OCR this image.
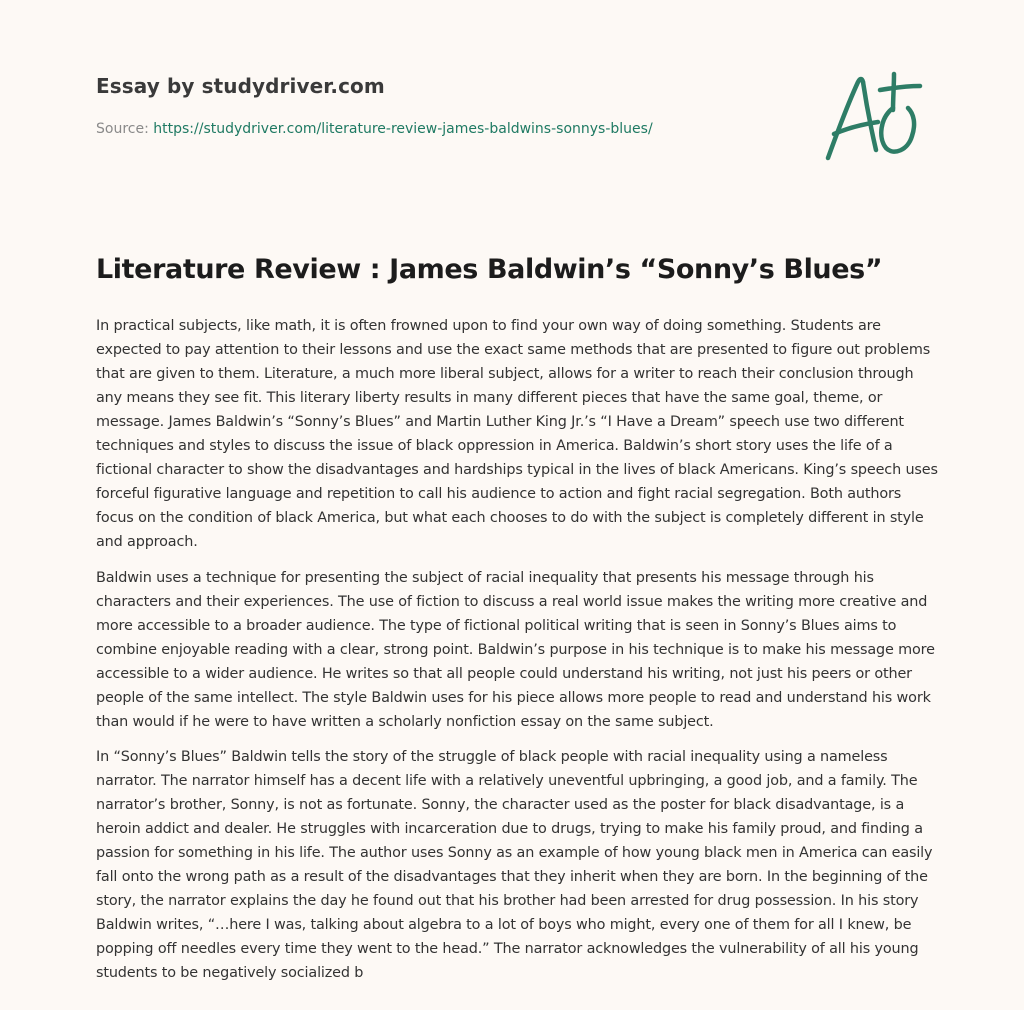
Essay by studydriver.com
Source: https://studydriver.com/literature-review-james-baldwins-sonnys-blues/
Literature Review : James Baldwin’s “Sonny’s Blues”

In practical subjects, like math, it is often frowned upon to find your own way of doing something. Students are expected to pay attention to their lessons and use the exact same methods that are presented to figure out problems that are given to them. Literature, a much more liberal subject, allows for a writer to reach their conclusion through any means they see fit. This literary liberty results in many different pieces that have the same goal, theme, or message. James Baldwin’s “Sonny’s Blues” and Martin Luther King Jr.’s “I Have a Dream” speech use two different techniques and styles to discuss the issue of black oppression in America. Baldwin’s short story uses the life of a fictional character to show the disadvantages and hardships typical in the lives of black Americans. King’s speech uses forceful figurative language and repetition to call his audience to action and fight racial segregation. Both authors focus on the condition of black America, but what each chooses to do with the subject is completely different in style and approach.

Baldwin uses a technique for presenting the subject of racial inequality that presents his message through his characters and their experiences. The use of fiction to discuss a real world issue makes the writing more creative and more accessible to a broader audience. The type of fictional political writing that is seen in Sonny’s Blues aims to combine enjoyable reading with a clear, strong point. Baldwin’s purpose in his technique is to make his message more accessible to a wider audience. He writes so that all people could understand his writing, not just his peers or other people of the same intellect. The style Baldwin uses for his piece allows more people to read and understand his work than would if he were to have written a scholarly nonfiction essay on the same subject.

In “Sonny’s Blues” Baldwin tells the story of the struggle of black people with racial inequality using a nameless narrator. The narrator himself has a decent life with a relatively uneventful upbringing, a good job, and a family. The narrator’s brother, Sonny, is not as fortunate. Sonny, the character used as the poster for black disadvantage, is a heroin addict and dealer. He struggles with incarceration due to drugs, trying to make his family proud, and finding a passion for something in his life. The author uses Sonny as an example of how young black men in America can easily fall onto the wrong path as a result of the disadvantages that they inherit when they are born. In the beginning of the story, the narrator explains the day he found out that his brother had been arrested for drug possession. In his story Baldwin writes, “…here I was, talking about algebra to a lot of boys who might, every one of them for all I knew, be popping off needles every time they went to the head.” The narrator acknowledges the vulnerability of all his young students to be negatively socialized b
